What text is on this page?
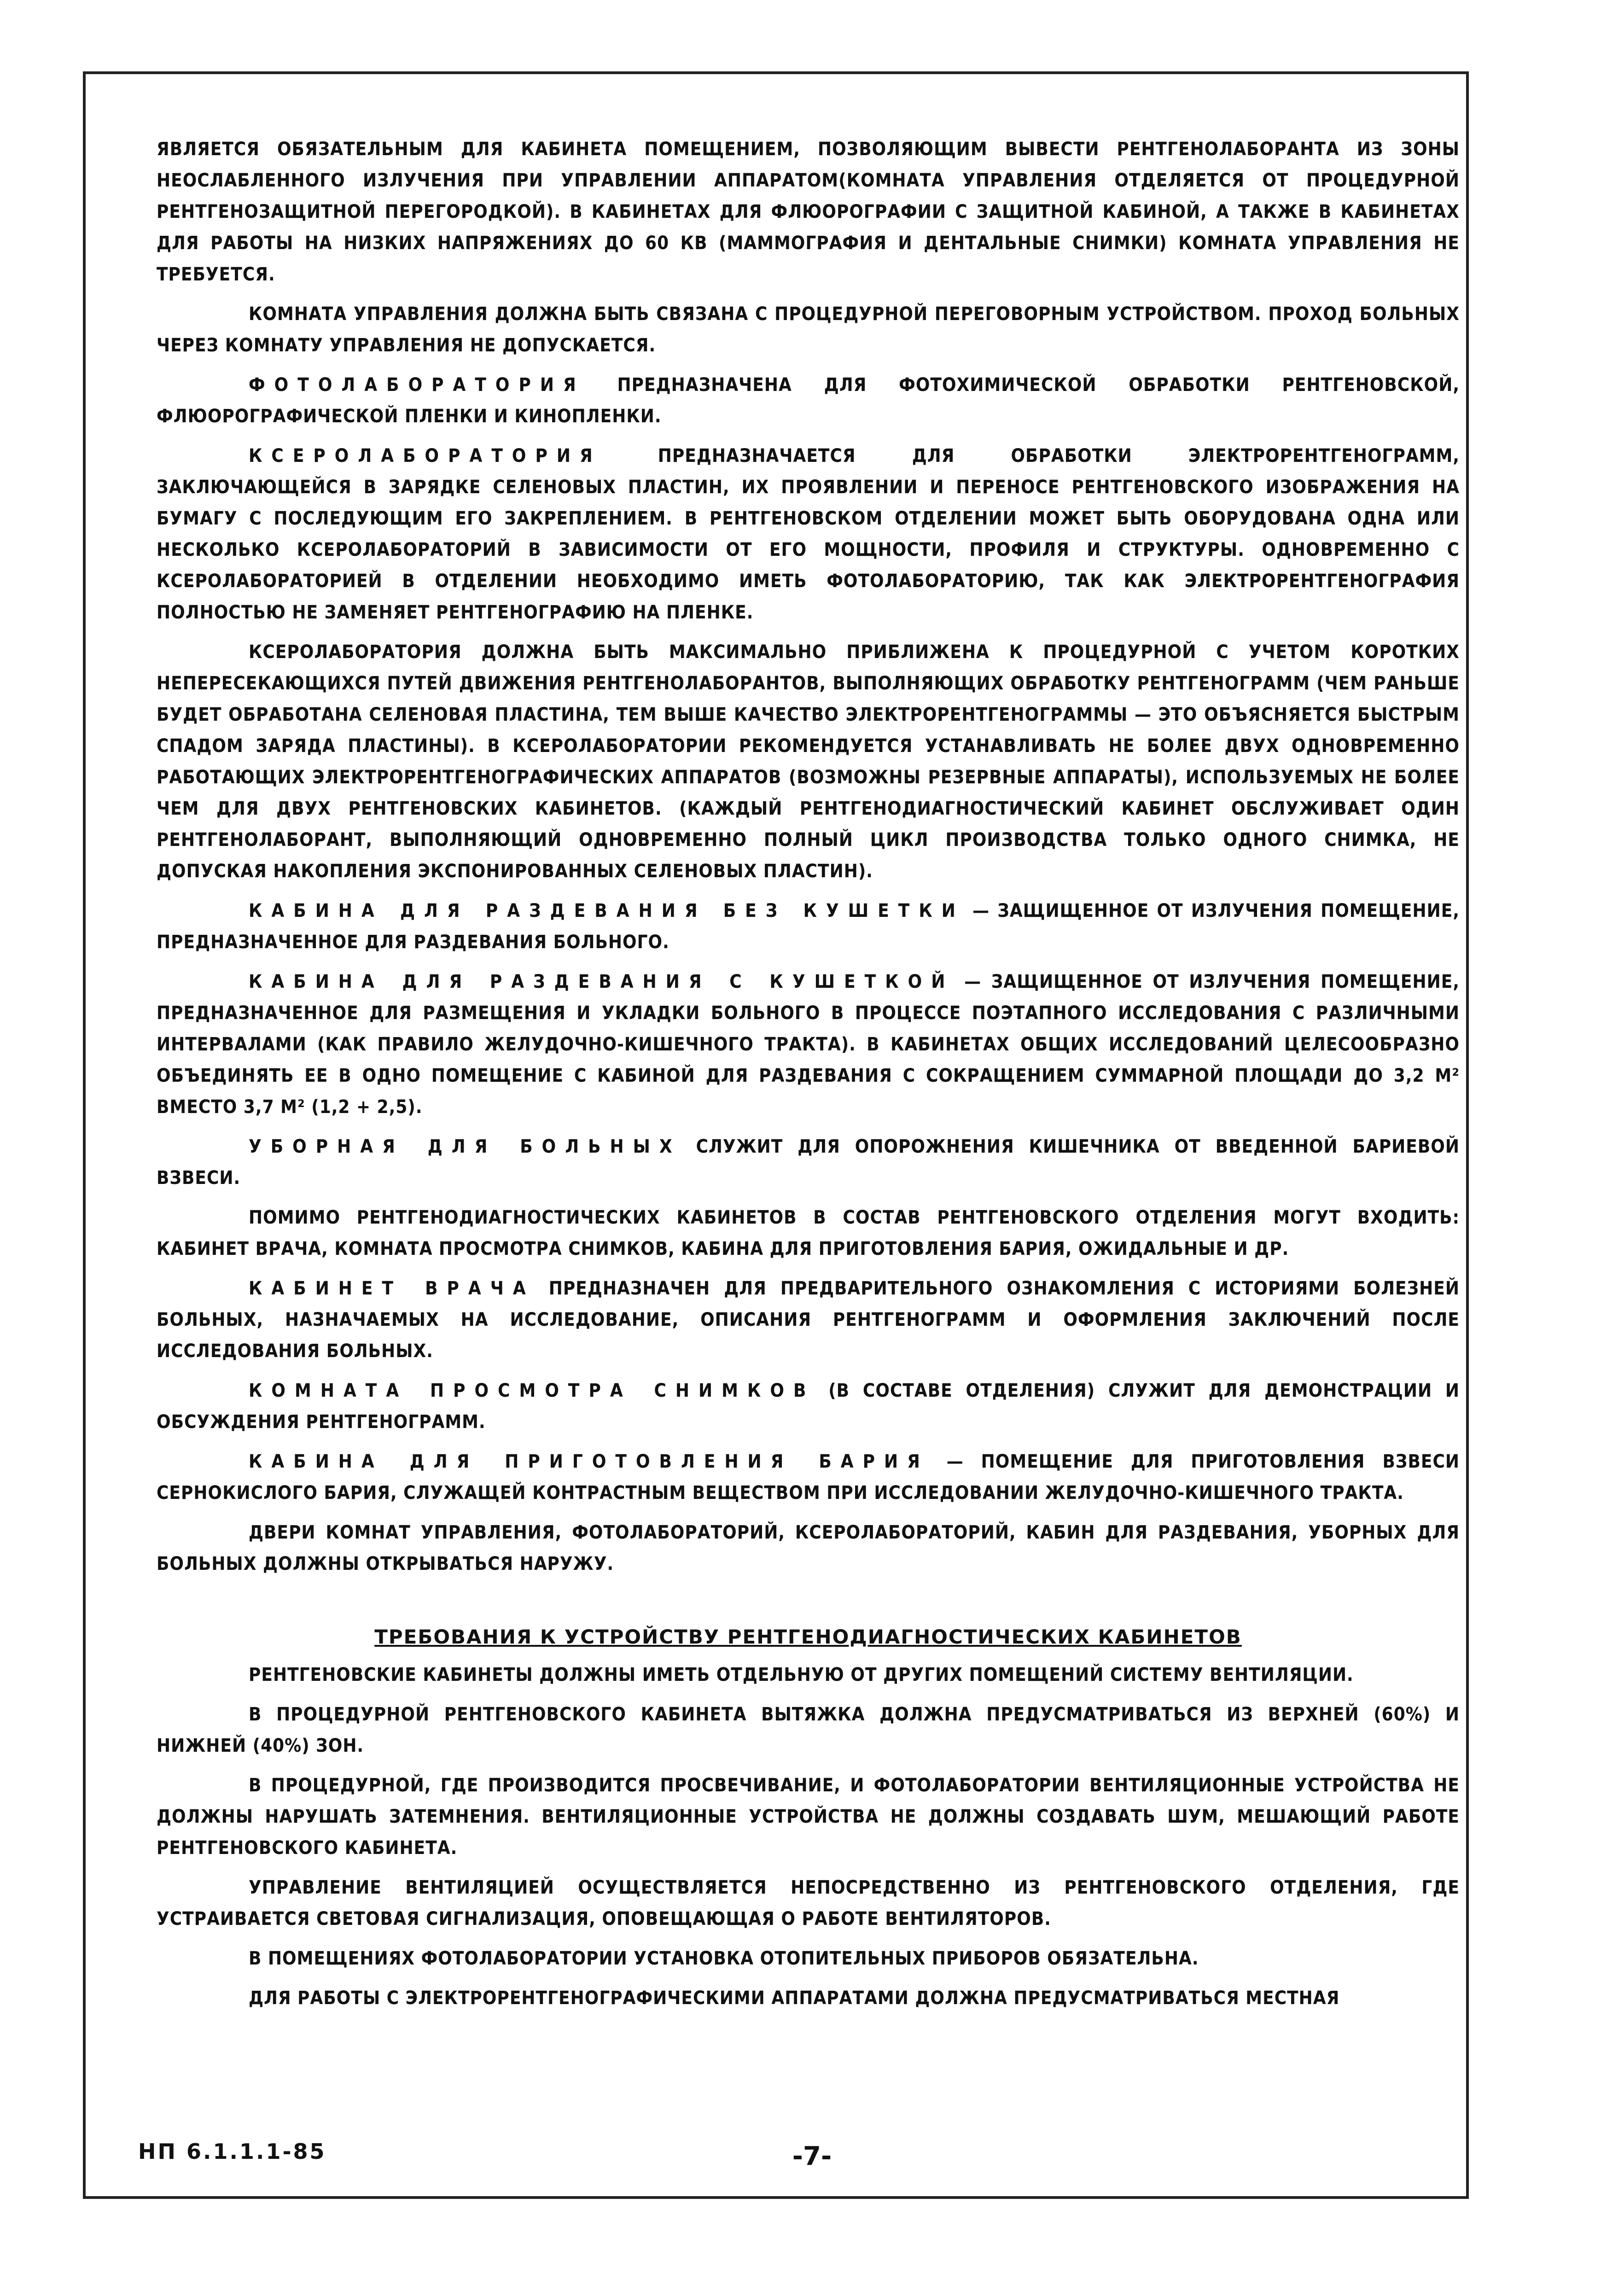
ЯВЛЯЕТСЯ ОБЯЗАТЕЛЬНЫМ ДЛЯ КАБИНЕТА ПОМЕЩЕНИЕМ, ПОЗВОЛЯЮЩИМ ВЫВЕСТИ РЕНТГЕНОЛАБОРАНТА ИЗ ЗОНЫ НЕОСЛАБЛЕННОГО ИЗЛУЧЕНИЯ ПРИ УПРАВЛЕНИИ АППАРАТОМ(КОМНАТА УПРАВЛЕНИЯ ОТДЕЛЯЕТСЯ ОТ ПРОЦЕДУРНОЙ РЕНТГЕНОЗАЩИТНОЙ ПЕРЕГОРОДКОЙ). В КАБИНЕТАХ ДЛЯ ФЛЮОРОГРАФИИ С ЗАЩИТНОЙ КАБИНОЙ, А ТАКЖЕ В КАБИНЕТАХ ДЛЯ РАБОТЫ НА НИЗКИХ НАПРЯЖЕНИЯХ ДО 60 КВ (МАММОГРАФИЯ И ДЕНТАЛЬНЫЕ СНИМКИ) КОМНАТА УПРАВЛЕНИЯ НЕ ТРЕБУЕТСЯ.

КОМНАТА УПРАВЛЕНИЯ ДОЛЖНА БЫТЬ СВЯЗАНА С ПРОЦЕДУРНОЙ ПЕРЕГОВОРНЫМ УСТРОЙСТВОМ. ПРОХОД БОЛЬНЫХ ЧЕРЕЗ КОМНАТУ УПРАВЛЕНИЯ НЕ ДОПУСКАЕТСЯ.

ФОТОЛАБОРАТОРИЯ ПРЕДНАЗНАЧЕНА ДЛЯ ФОТОХИМИЧЕСКОЙ ОБРАБОТКИ РЕНТГЕНОВСКОЙ, ФЛЮОРОГРАФИЧЕСКОЙ ПЛЕНКИ И КИНОПЛЕНКИ.

КСЕРОЛАБОРАТОРИЯ	ПРЕДНАЗНАЧАЕТСЯ ДЛЯ ОБРАБОТКИ ЭЛЕКТРОРЕНТГЕНОГРАММ, ЗАКЛЮЧАЮЩЕЙСЯ В ЗАРЯДКЕ СЕЛЕНОВЫХ ПЛАСТИН, ИХ ПРОЯВЛЕНИИ И ПЕРЕНОСЕ РЕНТГЕНОВСКОГО ИЗОБРАЖЕНИЯ НА БУМАГУ С ПОСЛЕДУЮЩИМ ЕГО ЗАКРЕПЛЕНИЕМ. В РЕНТГЕНОВСКОМ ОТДЕЛЕНИИ МОЖЕТ БЫТЬ ОБОРУДОВАНА ОДНА ИЛИ НЕСКОЛЬКО КСЕРОЛАБОРАТОРИЙ В ЗАВИСИМОСТИ ОТ ЕГО МОЩНОСТИ, ПРОФИЛЯ И СТРУКТУРЫ. ОДНОВРЕМЕННО С КСЕРОЛАБОРАТОРИЕЙ В ОТДЕЛЕНИИ НЕОБХОДИМО ИМЕТЬ ФОТОЛАБОРАТОРИЮ, ТАК КАК ЭЛЕКТРОРЕНТГЕНОГРАФИЯ ПОЛНОСТЬЮ НЕ ЗАМЕНЯЕТ РЕНТГЕНОГРАФИЮ НА ПЛЕНКЕ.

КСЕРОЛАБОРАТОРИЯ ДОЛЖНА БЫТЬ МАКСИМАЛЬНО ПРИБЛИЖЕНА К ПРОЦЕДУРНОЙ С УЧЕТОМ КОРОТКИХ НЕПЕРЕСЕКАЮЩИХСЯ ПУТЕЙ ДВИЖЕНИЯ РЕНТГЕНОЛАБОРАНТОВ, ВЫПОЛНЯЮЩИХ ОБРАБОТКУ РЕНТГЕНОГРАММ (ЧЕМ РАНЬШЕ БУДЕТ ОБРАБОТАНА СЕЛЕНОВАЯ ПЛАСТИНА, ТЕМ ВЫШЕ КАЧЕСТВО ЭЛЕКТРОРЕНТГЕНОГРАММЫ — ЭТО ОБЪЯСНЯЕТСЯ БЫСТРЫМ СПАДОМ ЗАРЯДА ПЛАСТИНЫ). В КСЕРОЛАБОРАТОРИИ РЕКОМЕНДУЕТСЯ УСТАНАВЛИВАТЬ НЕ БОЛЕЕ ДВУХ ОДНОВРЕМЕННО РАБОТАЮЩИХ ЭЛЕКТРОРЕНТГЕНОГРАФИЧЕСКИХ АППАРАТОВ (ВОЗМОЖНЫ РЕЗЕРВНЫЕ АППАРАТЫ), ИСПОЛЬЗУЕМЫХ НЕ БОЛЕЕ ЧЕМ ДЛЯ ДВУХ РЕНТГЕНОВСКИХ КАБИНЕТОВ. (КАЖДЫЙ РЕНТГЕНОДИАГНОСТИЧЕСКИЙ КАБИНЕТ ОБСЛУЖИВАЕТ ОДИН РЕНТГЕНОЛАБОРАНТ, ВЫПОЛНЯЮЩИЙ ОДНОВРЕМЕННО ПОЛНЫЙ ЦИКЛ ПРОИЗВОДСТВА ТОЛЬКО ОДНОГО СНИМКА, НЕ ДОПУСКАЯ НАКОПЛЕНИЯ ЭКСПОНИРОВАННЫХ СЕЛЕНОВЫХ ПЛАСТИН).

КАБИНА ДЛЯ РАЗДЕВАНИЯ БЕЗ КУШЕТКИ — ЗАЩИЩЕННОЕ ОТ ИЗЛУЧЕНИЯ ПОМЕЩЕНИЕ, ПРЕДНАЗНАЧЕННОЕ ДЛЯ РАЗДЕВАНИЯ БОЛЬНОГО.

КАБИНА ДЛЯ РАЗДЕВАНИЯ С КУШЕТКОЙ — ЗАЩИЩЕННОЕ ОТ ИЗЛУЧЕНИЯ ПОМЕЩЕНИЕ, ПРЕДНАЗНАЧЕННОЕ ДЛЯ РАЗМЕЩЕНИЯ И УКЛАДКИ БОЛЬНОГО В ПРОЦЕССЕ ПОЭТАПНОГО ИССЛЕДОВАНИЯ С РАЗЛИЧНЫМИ ИНТЕРВАЛАМИ (КАК ПРАВИЛО ЖЕЛУДОЧНО-КИШЕЧНОГО ТРАКТА). В КАБИНЕТАХ ОБЩИХ ИССЛЕДОВАНИЙ ЦЕЛЕСООБРАЗНО ОБЪЕДИНЯТЬ ЕЕ В ОДНО ПОМЕЩЕНИЕ С КАБИНОЙ ДЛЯ РАЗДЕВАНИЯ С СОКРАЩЕНИЕМ СУММАРНОЙ ПЛОЩАДИ ДО 3,2 М² ВМЕСТО 3,7 М² (1,2 + 2,5).

УБОРНАЯ ДЛЯ БОЛЬНЫХ СЛУЖИТ ДЛЯ ОПОРОЖНЕНИЯ КИШЕЧНИКА ОТ ВВЕДЕННОЙ БАРИЕВОЙ ВЗВЕСИ.

ПОМИМО РЕНТГЕНОДИАГНОСТИЧЕСКИХ КАБИНЕТОВ В СОСТАВ РЕНТГЕНОВСКОГО ОТДЕЛЕНИЯ МОГУТ ВХОДИТЬ: КАБИНЕТ ВРАЧА, КОМНАТА ПРОСМОТРА СНИМКОВ, КАБИНА ДЛЯ ПРИГОТОВЛЕНИЯ БАРИЯ, ОЖИДАЛЬНЫЕ И ДР.

КАБИНЕТ ВРАЧА ПРЕДНАЗНАЧЕН ДЛЯ ПРЕДВАРИТЕЛЬНОГО ОЗНАКОМЛЕНИЯ С ИСТОРИЯМИ БОЛЕЗНЕЙ БОЛЬНЫХ, НАЗНАЧАЕМЫХ НА ИССЛЕДОВАНИЕ, ОПИСАНИЯ РЕНТГЕНОГРАММ И ОФОРМЛЕНИЯ ЗАКЛЮЧЕНИЙ ПОСЛЕ ИССЛЕДОВАНИЯ БОЛЬНЫХ.

КОМНАТА ПРОСМОТРА СНИМКОВ (В СОСТАВЕ ОТДЕЛЕНИЯ) СЛУЖИТ ДЛЯ ДЕМОНСТРАЦИИ И ОБСУЖДЕНИЯ РЕНТГЕНОГРАММ.

КАБИНА ДЛЯ ПРИГОТОВЛЕНИЯ БАРИЯ — ПОМЕЩЕНИЕ ДЛЯ ПРИГОТОВЛЕНИЯ ВЗВЕСИ СЕРНОКИСЛОГО БАРИЯ, СЛУЖАЩЕЙ КОНТРАСТНЫМ ВЕЩЕСТВОМ ПРИ ИССЛЕДОВАНИИ ЖЕЛУДОЧНО-КИШЕЧНОГО ТРАКТА.

ДВЕРИ КОМНАТ УПРАВЛЕНИЯ, ФОТОЛАБОРАТОРИЙ, КСЕРОЛАБОРАТОРИЙ, КАБИН ДЛЯ РАЗДЕВАНИЯ, УБОРНЫХ ДЛЯ БОЛЬНЫХ ДОЛЖНЫ ОТКРЫВАТЬСЯ НАРУЖУ.

ТРЕБОВАНИЯ К УСТРОЙСТВУ РЕНТГЕНОДИАГНОСТИЧЕСКИХ КАБИНЕТОВ

РЕНТГЕНОВСКИЕ КАБИНЕТЫ ДОЛЖНЫ ИМЕТЬ ОТДЕЛЬНУЮ ОТ ДРУГИХ ПОМЕЩЕНИЙ СИСТЕМУ ВЕНТИЛЯЦИИ.

В ПРОЦЕДУРНОЙ РЕНТГЕНОВСКОГО КАБИНЕТА ВЫТЯЖКА ДОЛЖНА ПРЕДУСМАТРИВАТЬСЯ ИЗ ВЕРХНЕЙ (60%) И НИЖНЕЙ (40%) ЗОН.

В ПРОЦЕДУРНОЙ, ГДЕ ПРОИЗВОДИТСЯ ПРОСВЕЧИВАНИЕ, И ФОТОЛАБОРАТОРИИ ВЕНТИЛЯЦИОННЫЕ УСТРОЙСТВА НЕ ДОЛЖНЫ НАРУШАТЬ ЗАТЕМНЕНИЯ. ВЕНТИЛЯЦИОННЫЕ УСТРОЙСТВА НЕ ДОЛЖНЫ СОЗДАВАТЬ ШУМ, МЕШАЮЩИЙ РАБОТЕ РЕНТГЕНОВСКОГО КАБИНЕТА.

УПРАВЛЕНИЕ ВЕНТИЛЯЦИЕЙ ОСУЩЕСТВЛЯЕТСЯ НЕПОСРЕДСТВЕННО ИЗ РЕНТГЕНОВСКОГО ОТДЕЛЕНИЯ, ГДЕ УСТРАИВАЕТСЯ СВЕТОВАЯ СИГНАЛИЗАЦИЯ, ОПОВЕЩАЮЩАЯ О РАБОТЕ ВЕНТИЛЯТОРОВ.

В ПОМЕЩЕНИЯХ ФОТОЛАБОРАТОРИИ УСТАНОВКА ОТОПИТЕЛЬНЫХ ПРИБОРОВ ОБЯЗАТЕЛЬНА.

ДЛЯ РАБОТЫ С ЭЛЕКТРОРЕНТГЕНОГРАФИЧЕСКИМИ АППАРАТАМИ ДОЛЖНА ПРЕДУСМАТРИВАТЬСЯ МЕСТНАЯ

НП 6.1.1.1-85	-7-
